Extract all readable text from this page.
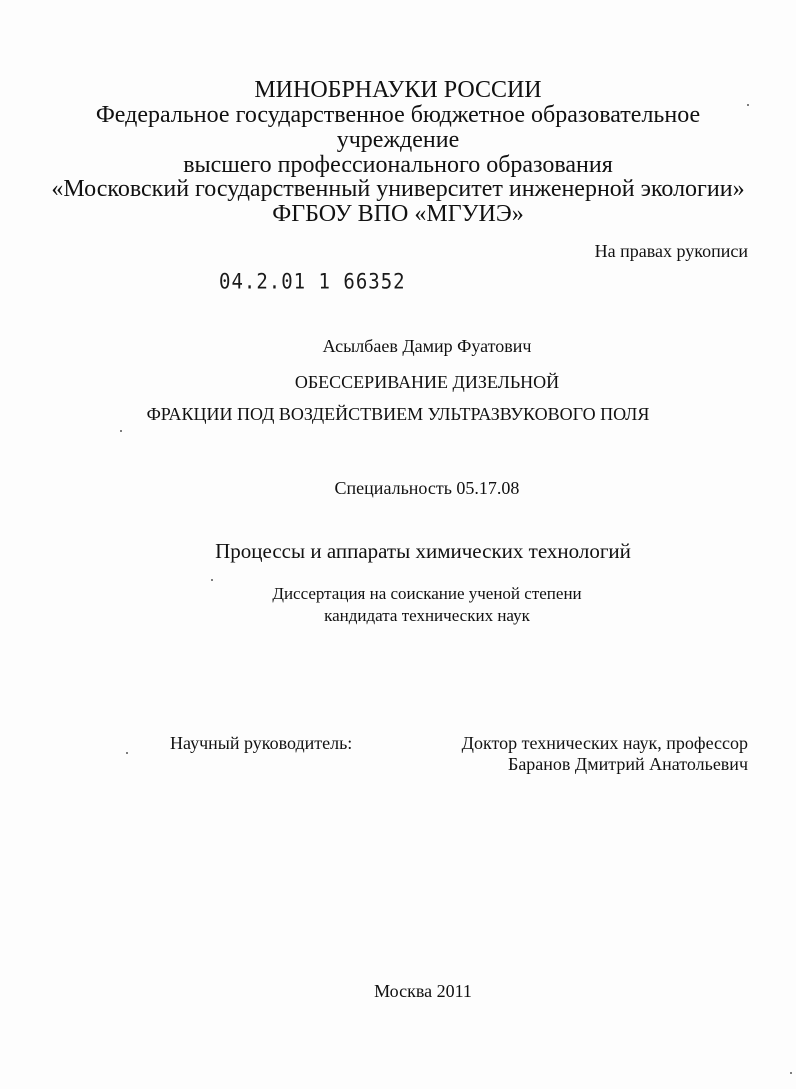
МИНОБРНАУКИ РОССИИ
Федеральное государственное бюджетное образовательное
учреждение
высшего профессионального образования
«Московский государственный университет инженерной экологии»
ФГБОУ ВПО «МГУИЭ»
На правах рукописи
04.2.01 1 66352
Асылбаев Дамир Фуатович
ОБЕССЕРИВАНИЕ ДИЗЕЛЬНОЙ
ФРАКЦИИ ПОД ВОЗДЕЙСТВИЕМ УЛЬТРАЗВУКОВОГО ПОЛЯ
Специальность 05.17.08
Процессы и аппараты химических технологий
Диссертация на соискание ученой степени
кандидата технических наук
Научный руководитель:	Доктор технических наук, профессор
Баранов Дмитрий Анатольевич
Москва 2011
